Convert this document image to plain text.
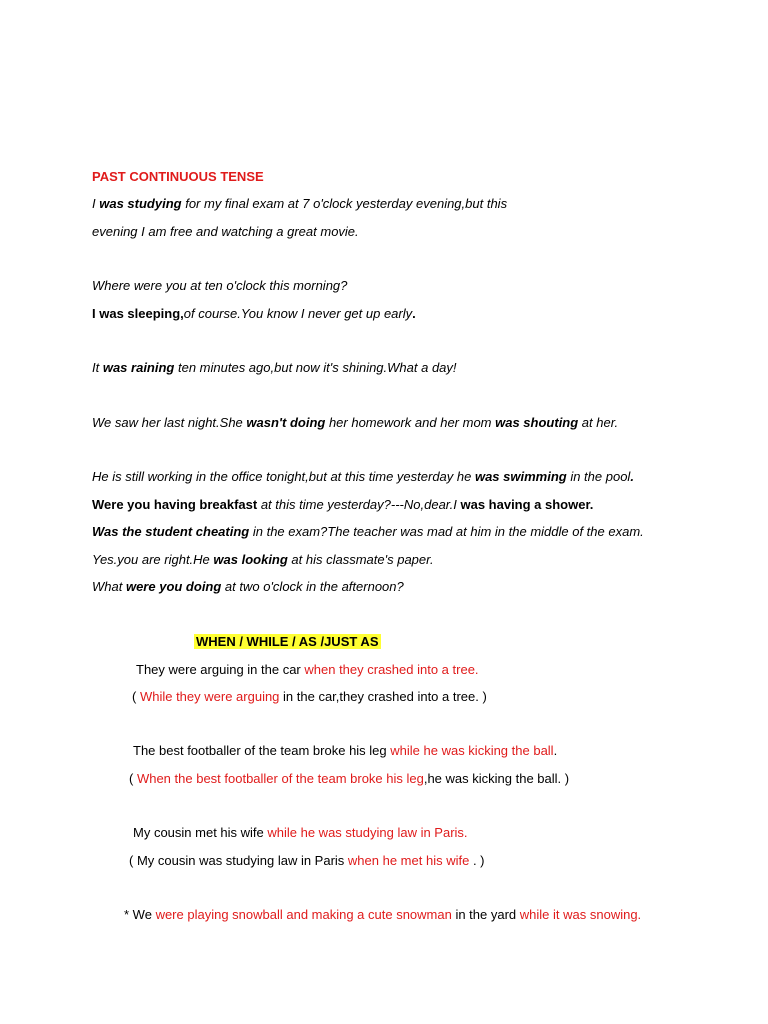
PAST CONTINUOUS TENSE
I was studying for my final exam at 7 o'clock yesterday evening,but this
evening I am free and watching a great movie.
Where were you at ten o'clock this morning?
I was sleeping,of course.You know I never get up early.
It was raining ten minutes ago,but now it's shining.What a day!
We saw her last night.She wasn't doing her homework and her mom was shouting at her.
He is still working in the office tonight,but at this time yesterday he was swimming in the pool.
Were you having breakfast at this time yesterday?---No,dear.I was having a shower.
Was the student cheating in the exam?The teacher was mad at him in the middle of the exam.
Yes.you are right.He was looking at his classmate's paper.
What were you doing at two o'clock in the afternoon?
WHEN / WHILE / AS /JUST AS
They were arguing in the car when they crashed into a tree.
( While they were arguing in the car,they crashed into a tree. )
The best footballer of the team broke his leg while he was kicking the ball.
( When the best footballer of the team broke his leg,he was kicking the ball. )
My cousin met his wife while he was studying law in Paris.
( My cousin was studying law in Paris when he met his wife . )
* We were playing snowball and making a cute snowman in the yard while it was snowing.
